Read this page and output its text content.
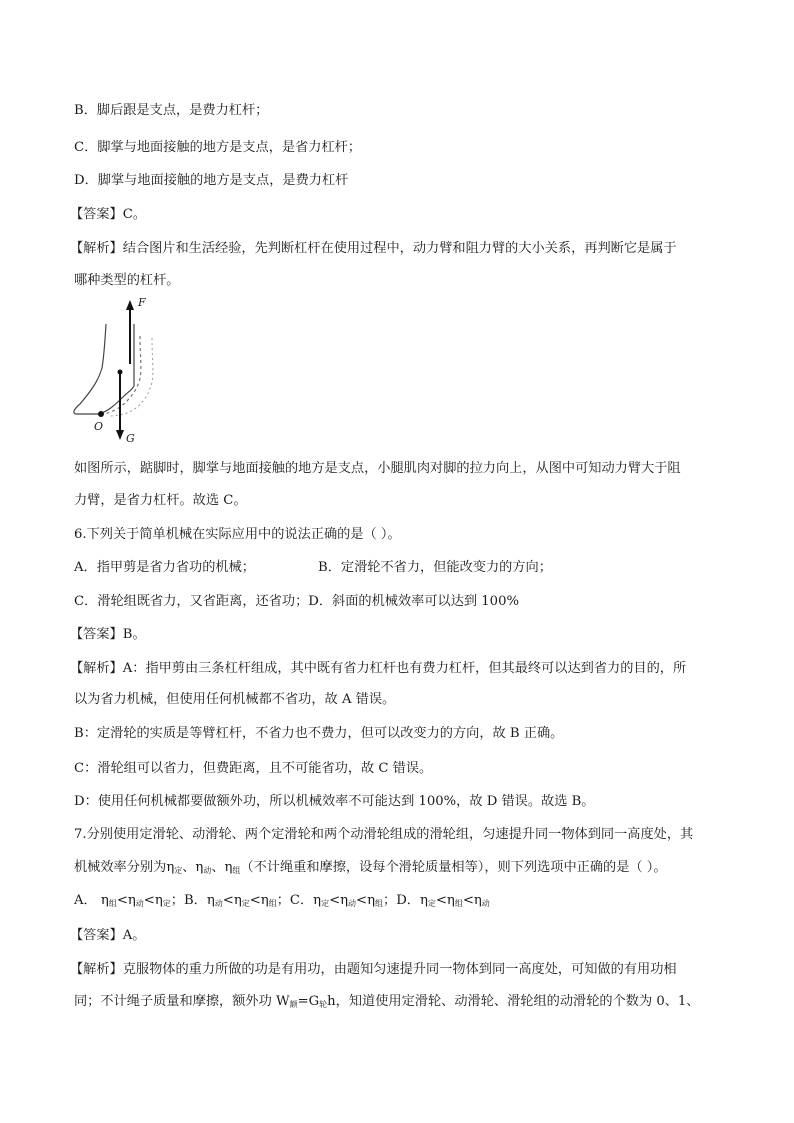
B．脚后跟是支点，是费力杠杆；
C．脚掌与地面接触的地方是支点，是省力杠杆；
D．脚掌与地面接触的地方是支点，是费力杠杆
【答案】C。
【解析】结合图片和生活经验，先判断杠杆在使用过程中，动力臂和阻力臂的大小关系，再判断它是属于
哪种类型的杠杆。
F
O
G
如图所示，踮脚时，脚掌与地面接触的地方是支点，小腿肌肉对脚的拉力向上，从图中可知动力臂大于阻
力臂，是省力杠杆。故选 C。
6.下列关于简单机械在实际应用中的说法正确的是（ ）。
A．指甲剪是省力省功的机械；	B．定滑轮不省力，但能改变力的方向；
C．滑轮组既省力，又省距离，还省功；D．斜面的机械效率可以达到 100%
【答案】B。
【解析】A：指甲剪由三条杠杆组成，其中既有省力杠杆也有费力杠杆，但其最终可以达到省力的目的，所
以为省力机械，但使用任何机械都不省功，故 A 错误。
B：定滑轮的实质是等臂杠杆，不省力也不费力，但可以改变力的方向，故 B 正确。
C：滑轮组可以省力，但费距离，且不可能省功，故 C 错误。
D：使用任何机械都要做额外功，所以机械效率不可能达到 100%，故 D 错误。故选 B。
7.分别使用定滑轮、动滑轮、两个定滑轮和两个动滑轮组成的滑轮组，匀速提升同一物体到同一高度处，其
机械效率分别为$\eta_定$、$\eta_动$、$\eta_组$（不计绳重和摩擦，设每个滑轮质量相等），则下列选项中正确的是（ ）。
A． $\eta_组<\eta_动<\eta_定$；B．$\eta_动<\eta_定<\eta_组$；C．$\eta_定<\eta_动<\eta_组$；D．$\eta_定<\eta_组<\eta_动$
【答案】A。
【解析】克服物体的重力所做的功是有用功，由题知匀速提升同一物体到同一高度处，可知做的有用功相
同；不计绳子质量和摩擦，额外功 $W_额=G_轮h$，知道使用定滑轮、动滑轮、滑轮组的动滑轮的个数为 0、1、
